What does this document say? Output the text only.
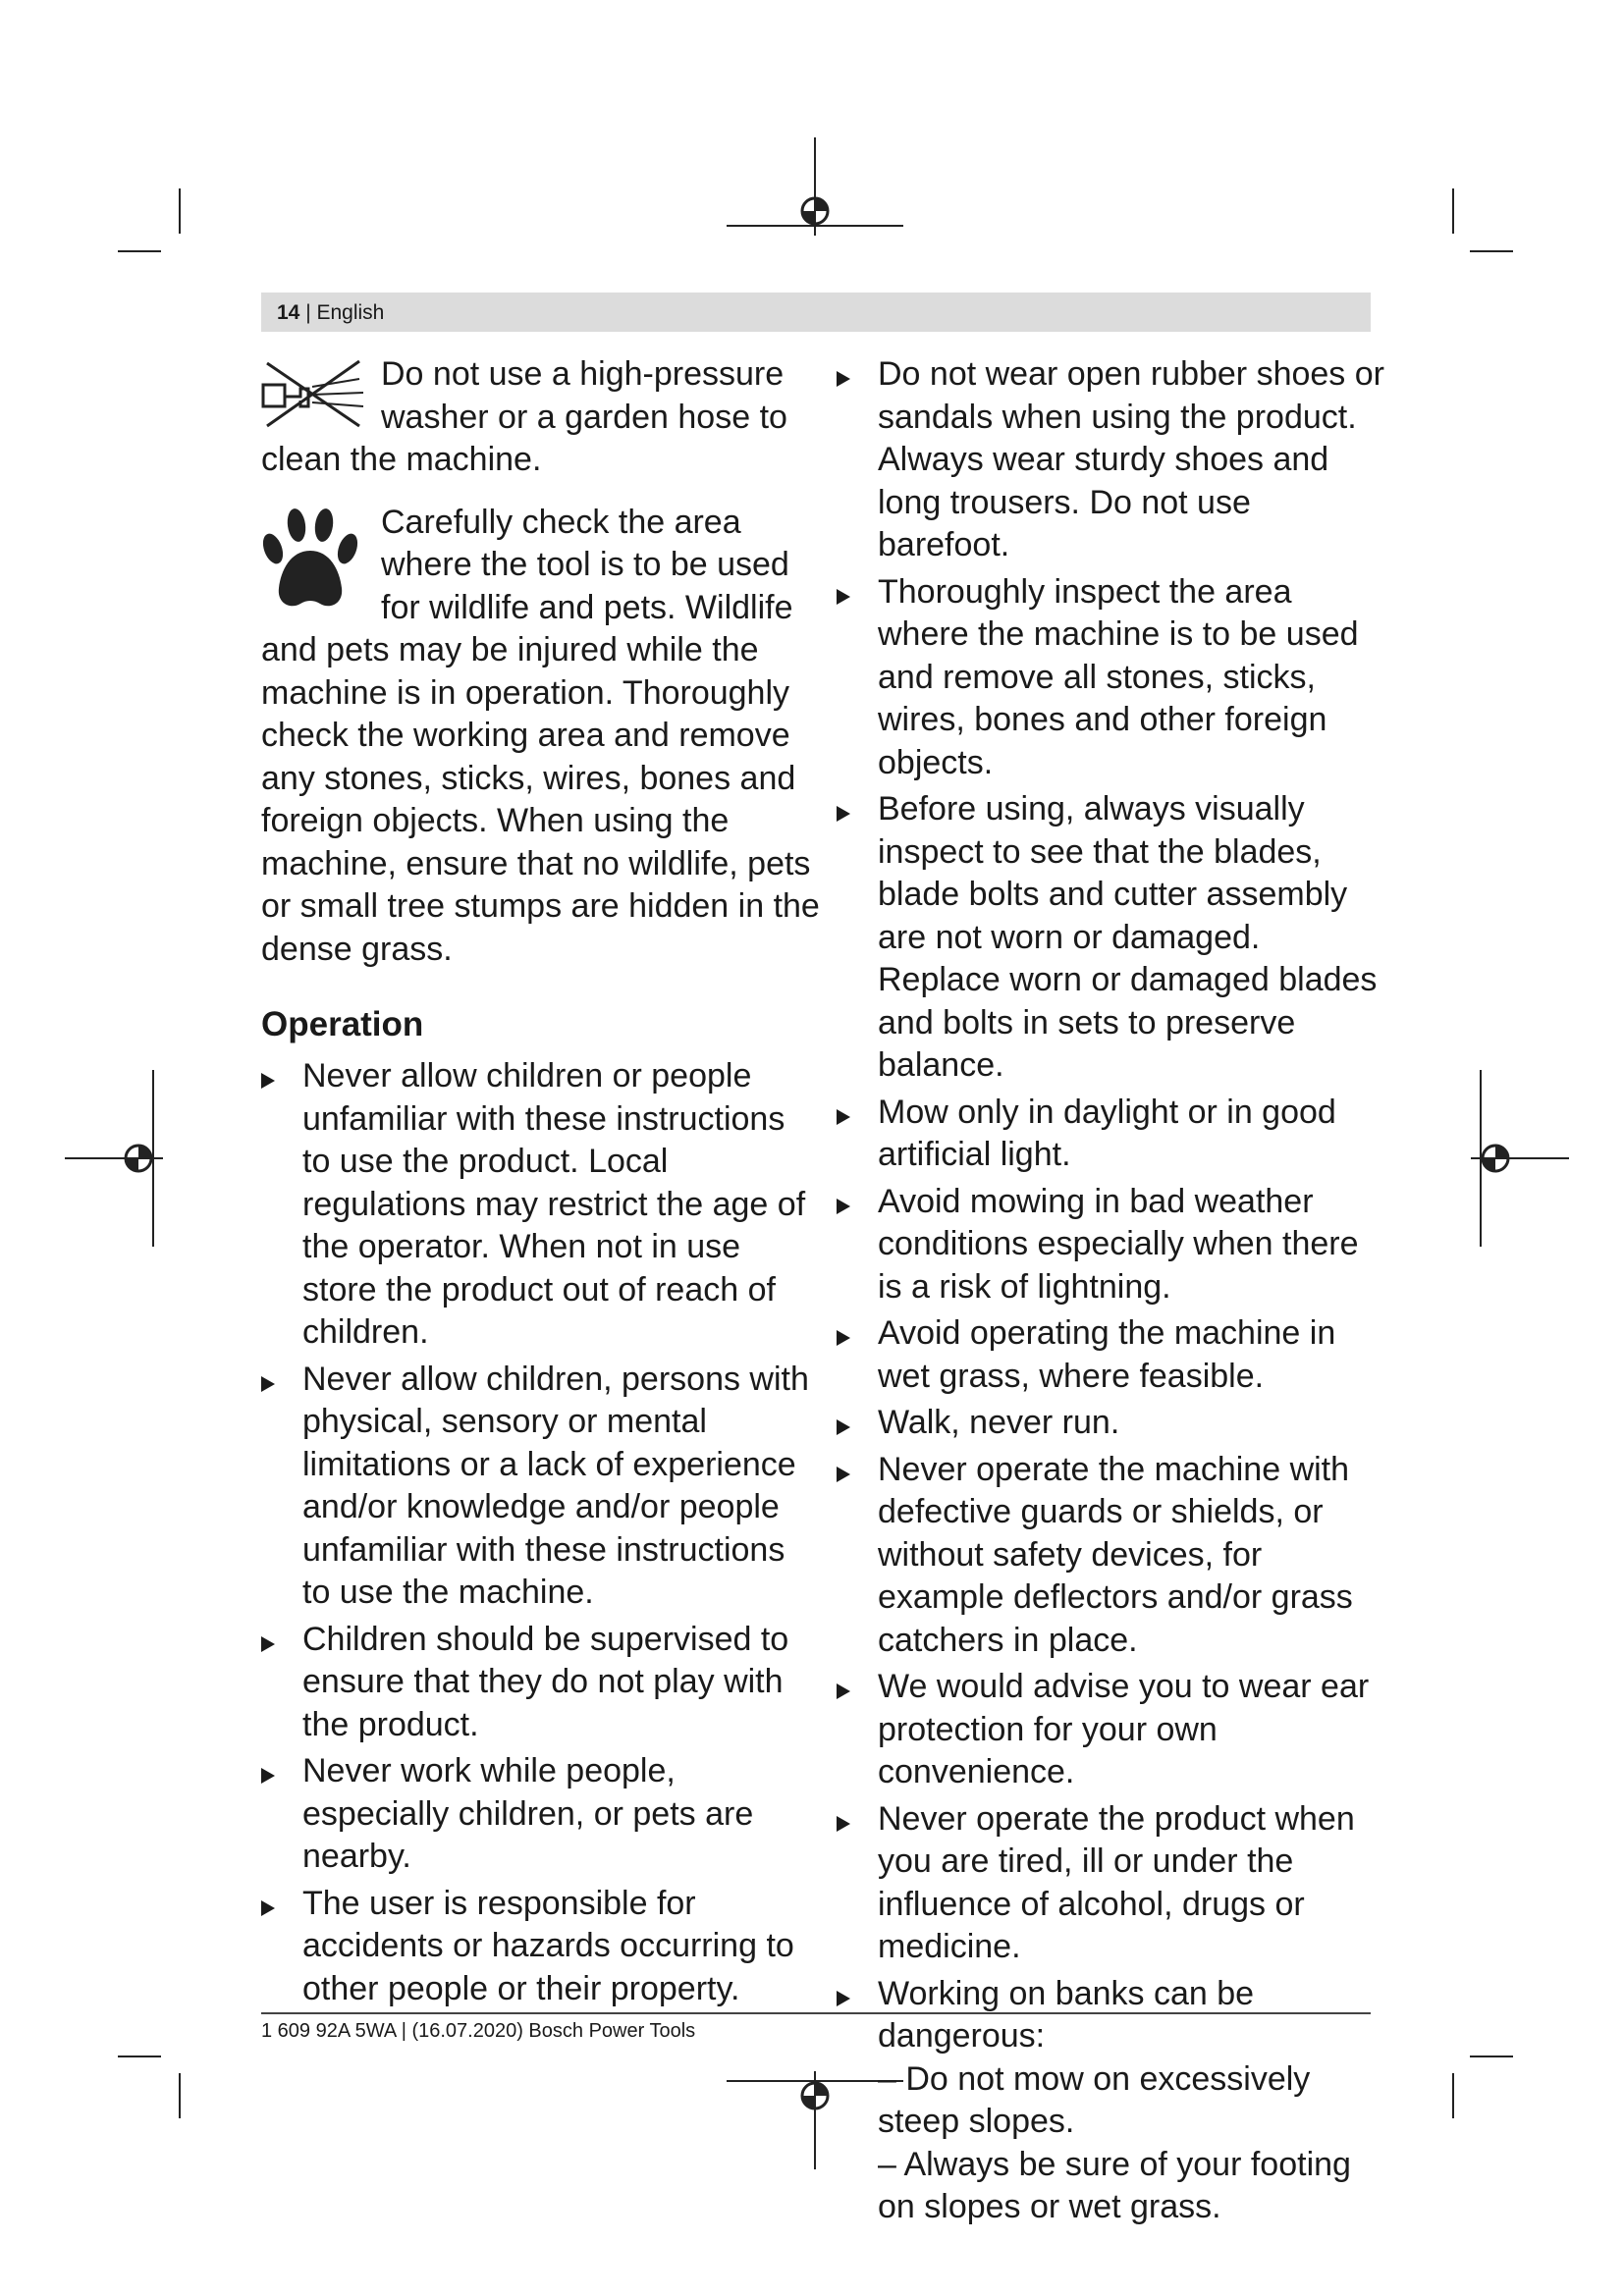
14 | English

Do not use a high-pressure washer or a garden hose to clean the machine.

Carefully check the area where the tool is to be used for wildlife and pets. Wildlife and pets may be injured while the machine is in operation. Thoroughly check the working area and remove any stones, sticks, wires, bones and foreign objects. When using the machine, ensure that no wildlife, pets or small tree stumps are hidden in the dense grass.

Operation
Never allow children or people unfamiliar with these instructions to use the product. Local regulations may restrict the age of the operator. When not in use store the product out of reach of children.
Never allow children, persons with physical, sensory or mental limitations or a lack of experience and/or knowledge and/or people unfamiliar with these instructions to use the machine.
Children should be supervised to ensure that they do not play with the product.
Never work while people, especially children, or pets are nearby.
The user is responsible for accidents or hazards occurring to other people or their property.
Do not wear open rubber shoes or sandals when using the product. Always wear sturdy shoes and long trousers. Do not use barefoot.
Thoroughly inspect the area where the machine is to be used and remove all stones, sticks, wires, bones and other foreign objects.
Before using, always visually inspect to see that the blades, blade bolts and cutter assembly are not worn or damaged. Replace worn or damaged blades and bolts in sets to preserve balance.
Mow only in daylight or in good artificial light.
Avoid mowing in bad weather conditions especially when there is a risk of lightning.
Avoid operating the machine in wet grass, where feasible.
Walk, never run.
Never operate the machine with defective guards or shields, or without safety devices, for example deflectors and/or grass catchers in place.
We would advise you to wear ear protection for your own convenience.
Never operate the product when you are tired, ill or under the influence of alcohol, drugs or medicine.
Working on banks can be dangerous:
– Do not mow on excessively steep slopes.
– Always be sure of your footing on slopes or wet grass.
1 609 92A 5WA | (16.07.2020) Bosch Power Tools
